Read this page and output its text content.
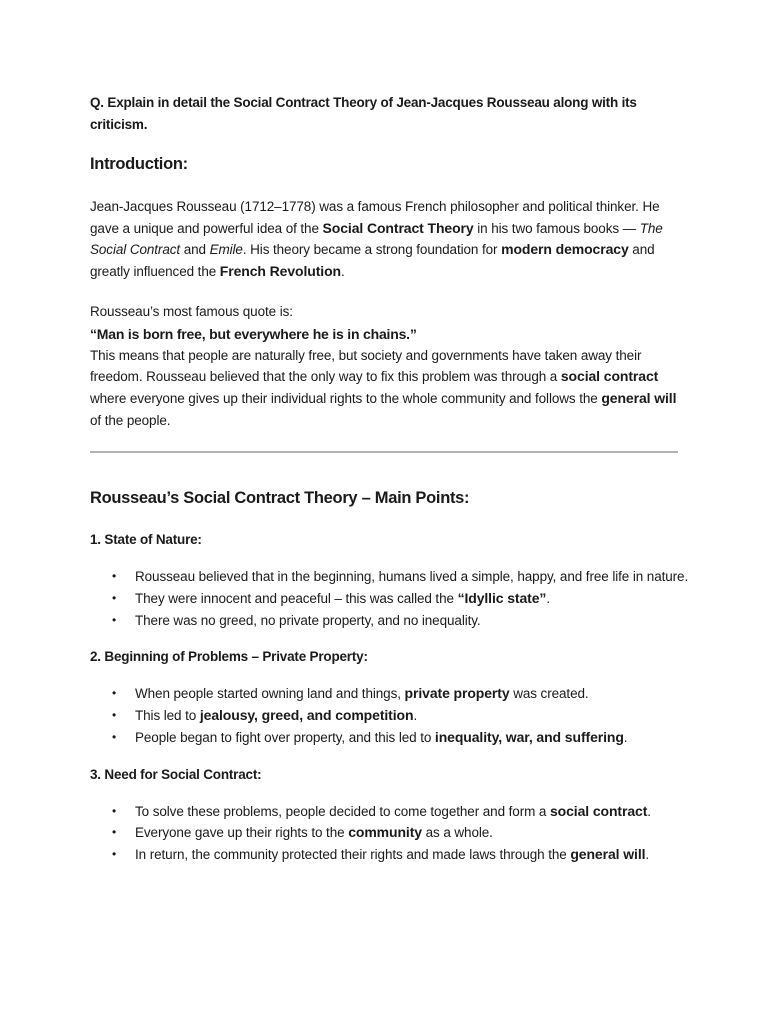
Q. Explain in detail the Social Contract Theory of Jean-Jacques Rousseau along with its criticism.

Introduction:

Jean-Jacques Rousseau (1712–1778) was a famous French philosopher and political thinker. He gave a unique and powerful idea of the Social Contract Theory in his two famous books — The Social Contract and Emile. His theory became a strong foundation for modern democracy and greatly influenced the French Revolution.

Rousseau’s most famous quote is:

“Man is born free, but everywhere he is in chains.”

This means that people are naturally free, but society and governments have taken away their freedom. Rousseau believed that the only way to fix this problem was through a social contract where everyone gives up their individual rights to the whole community and follows the general will of the people.

Rousseau’s Social Contract Theory – Main Points:
1. State of Nature:
• Rousseau believed that in the beginning, humans lived a simple, happy, and free life in nature.
• They were innocent and peaceful – this was called the “Idyllic state”.
• There was no greed, no private property, and no inequality.
2. Beginning of Problems – Private Property:
• When people started owning land and things, private property was created.
• This led to jealousy, greed, and competition.
• People began to fight over property, and this led to inequality, war, and suffering.
3. Need for Social Contract:
• To solve these problems, people decided to come together and form a social contract.
• Everyone gave up their rights to the community as a whole.
• In return, the community protected their rights and made laws through the general will.
